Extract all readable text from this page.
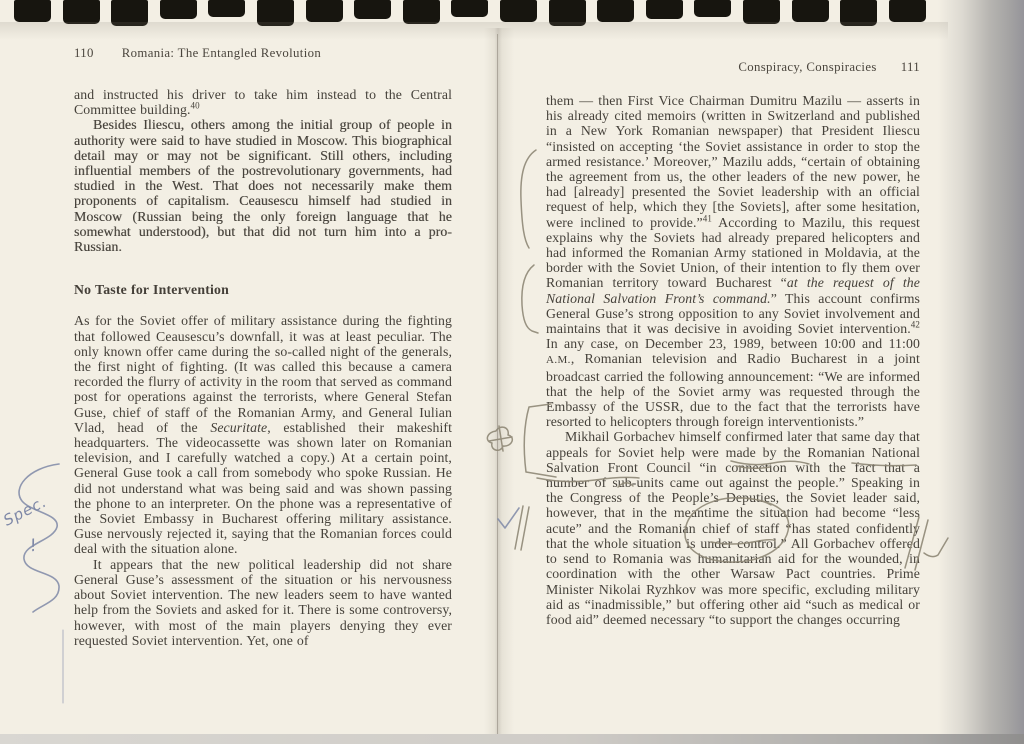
110 Romania: The Entangled Revolution

and instructed his driver to take him instead to the Central Committee building.$^{40}$

Besides Iliescu, others among the initial group of people in authority were said to have studied in Moscow. This biographical detail may or may not be significant. Still others, including influential members of the postrevolutionary governments, had studied in the West. That does not necessarily make them proponents of capitalism. Ceausescu himself had studied in Moscow (Russian being the only foreign language that he somewhat understood), but that did not turn him into a pro-Russian.

No Taste for Intervention

As for the Soviet offer of military assistance during the fighting that followed Ceausescu’s downfall, it was at least peculiar. The only known offer came during the so-called night of the generals, the first night of fighting. (It was called this because a camera recorded the flurry of activity in the room that served as command post for operations against the terrorists, where General Stefan Guse, chief of staff of the Romanian Army, and General Iulian Vlad, head of the Securitate, established their makeshift headquarters. The videocassette was shown later on Romanian television, and I carefully watched a copy.) At a certain point, General Guse took a call from somebody who spoke Russian. He did not understand what was being said and was shown passing the phone to an interpreter. On the phone was a representative of the Soviet Embassy in Bucharest offering military assistance. Guse nervously rejected it, saying that the Romanian forces could deal with the situation alone.

It appears that the new political leadership did not share General Guse’s assessment of the situation or his nervousness about Soviet intervention. The new leaders seem to have wanted help from the Soviets and asked for it. There is some controversy, however, with most of the main players denying they ever requested Soviet intervention. Yet, one of

Conspiracy, Conspiracies 111

them — then First Vice Chairman Dumitru Mazilu — asserts in his already cited memoirs (written in Switzerland and published in a New York Romanian newspaper) that President Iliescu “insisted on accepting ‘the Soviet assistance in order to stop the armed resistance.’ Moreover,” Mazilu adds, “certain of obtaining the agreement from us, the other leaders of the new power, he had [already] presented the Soviet leadership with an official request of help, which they [the Soviets], after some hesitation, were inclined to provide.”$^{41}$ According to Mazilu, this request explains why the Soviets had already prepared helicopters and had informed the Romanian Army stationed in Moldavia, at the border with the Soviet Union, of their intention to fly them over Romanian territory toward Bucharest “at the request of the National Salvation Front’s command.” This account confirms General Guse’s strong opposition to any Soviet involvement and maintains that it was decisive in avoiding Soviet intervention.$^{42}$ In any case, on December 23, 1989, between 10:00 and 11:00 A.M., Romanian television and Radio Bucharest in a joint broadcast carried the following announcement: “We are informed that the help of the Soviet army was requested through the Embassy of the USSR, due to the fact that the terrorists have resorted to helicopters through foreign interventionists.”

Mikhail Gorbachev himself confirmed later that same day that appeals for Soviet help were made by the Romanian National Salvation Front Council “in connection with the fact that a number of sub-units came out against the people.” Speaking in the Congress of the People’s Deputies, the Soviet leader said, however, that in the meantime the situation had become “less acute” and the Romanian chief of staff “has stated confidently that the whole situation is under control.” All Gorbachev offered to send to Romania was humanitarian aid for the wounded, in coordination with the other Warsaw Pact countries. Prime Minister Nikolai Ryzhkov was more specific, excluding military aid as “inadmissible,” but offering other aid “such as medical or food aid” deemed necessary “to support the changes occurring

Spec.
!
